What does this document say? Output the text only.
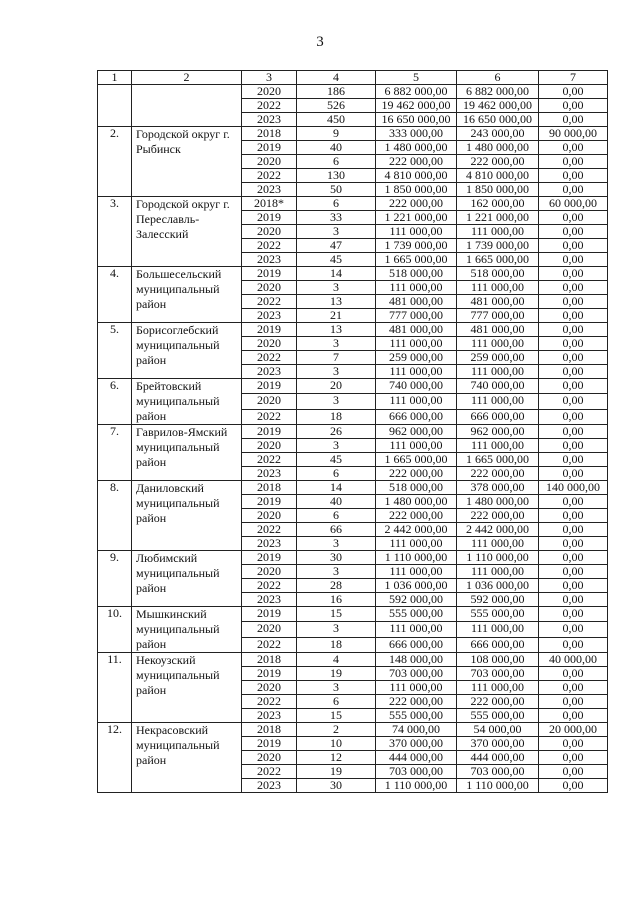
3
1	2	3	4	5	6	7
		2020	186	6 882 000,00	6 882 000,00	0,00
		2022	526	19 462 000,00	19 462 000,00	0,00
		2023	450	16 650 000,00	16 650 000,00	0,00
2.	Городской округ г. Рыбинск	2018	9	333 000,00	243 000,00	90 000,00
		2019	40	1 480 000,00	1 480 000,00	0,00
		2020	6	222 000,00	222 000,00	0,00
		2022	130	4 810 000,00	4 810 000,00	0,00
		2023	50	1 850 000,00	1 850 000,00	0,00
3.	Городской округ г. Переславль-Залесский	2018*	6	222 000,00	162 000,00	60 000,00
		2019	33	1 221 000,00	1 221 000,00	0,00
		2020	3	111 000,00	111 000,00	0,00
		2022	47	1 739 000,00	1 739 000,00	0,00
		2023	45	1 665 000,00	1 665 000,00	0,00
4.	Большесельский муниципальный район	2019	14	518 000,00	518 000,00	0,00
		2020	3	111 000,00	111 000,00	0,00
		2022	13	481 000,00	481 000,00	0,00
		2023	21	777 000,00	777 000,00	0,00
5.	Борисоглебский муниципальный район	2019	13	481 000,00	481 000,00	0,00
		2020	3	111 000,00	111 000,00	0,00
		2022	7	259 000,00	259 000,00	0,00
		2023	3	111 000,00	111 000,00	0,00
6.	Брейтовский муниципальный район	2019	20	740 000,00	740 000,00	0,00
		2020	3	111 000,00	111 000,00	0,00
		2022	18	666 000,00	666 000,00	0,00
7.	Гаврилов-Ямский муниципальный район	2019	26	962 000,00	962 000,00	0,00
		2020	3	111 000,00	111 000,00	0,00
		2022	45	1 665 000,00	1 665 000,00	0,00
		2023	6	222 000,00	222 000,00	0,00
8.	Даниловский муниципальный район	2018	14	518 000,00	378 000,00	140 000,00
		2019	40	1 480 000,00	1 480 000,00	0,00
		2020	6	222 000,00	222 000,00	0,00
		2022	66	2 442 000,00	2 442 000,00	0,00
		2023	3	111 000,00	111 000,00	0,00
9.	Любимский муниципальный район	2019	30	1 110 000,00	1 110 000,00	0,00
		2020	3	111 000,00	111 000,00	0,00
		2022	28	1 036 000,00	1 036 000,00	0,00
		2023	16	592 000,00	592 000,00	0,00
10.	Мышкинский муниципальный район	2019	15	555 000,00	555 000,00	0,00
		2020	3	111 000,00	111 000,00	0,00
		2022	18	666 000,00	666 000,00	0,00
11.	Некоузский муниципальный район	2018	4	148 000,00	108 000,00	40 000,00
		2019	19	703 000,00	703 000,00	0,00
		2020	3	111 000,00	111 000,00	0,00
		2022	6	222 000,00	222 000,00	0,00
		2023	15	555 000,00	555 000,00	0,00
12.	Некрасовский муниципальный район	2018	2	74 000,00	54 000,00	20 000,00
		2019	10	370 000,00	370 000,00	0,00
		2020	12	444 000,00	444 000,00	0,00
		2022	19	703 000,00	703 000,00	0,00
		2023	30	1 110 000,00	1 110 000,00	0,00
